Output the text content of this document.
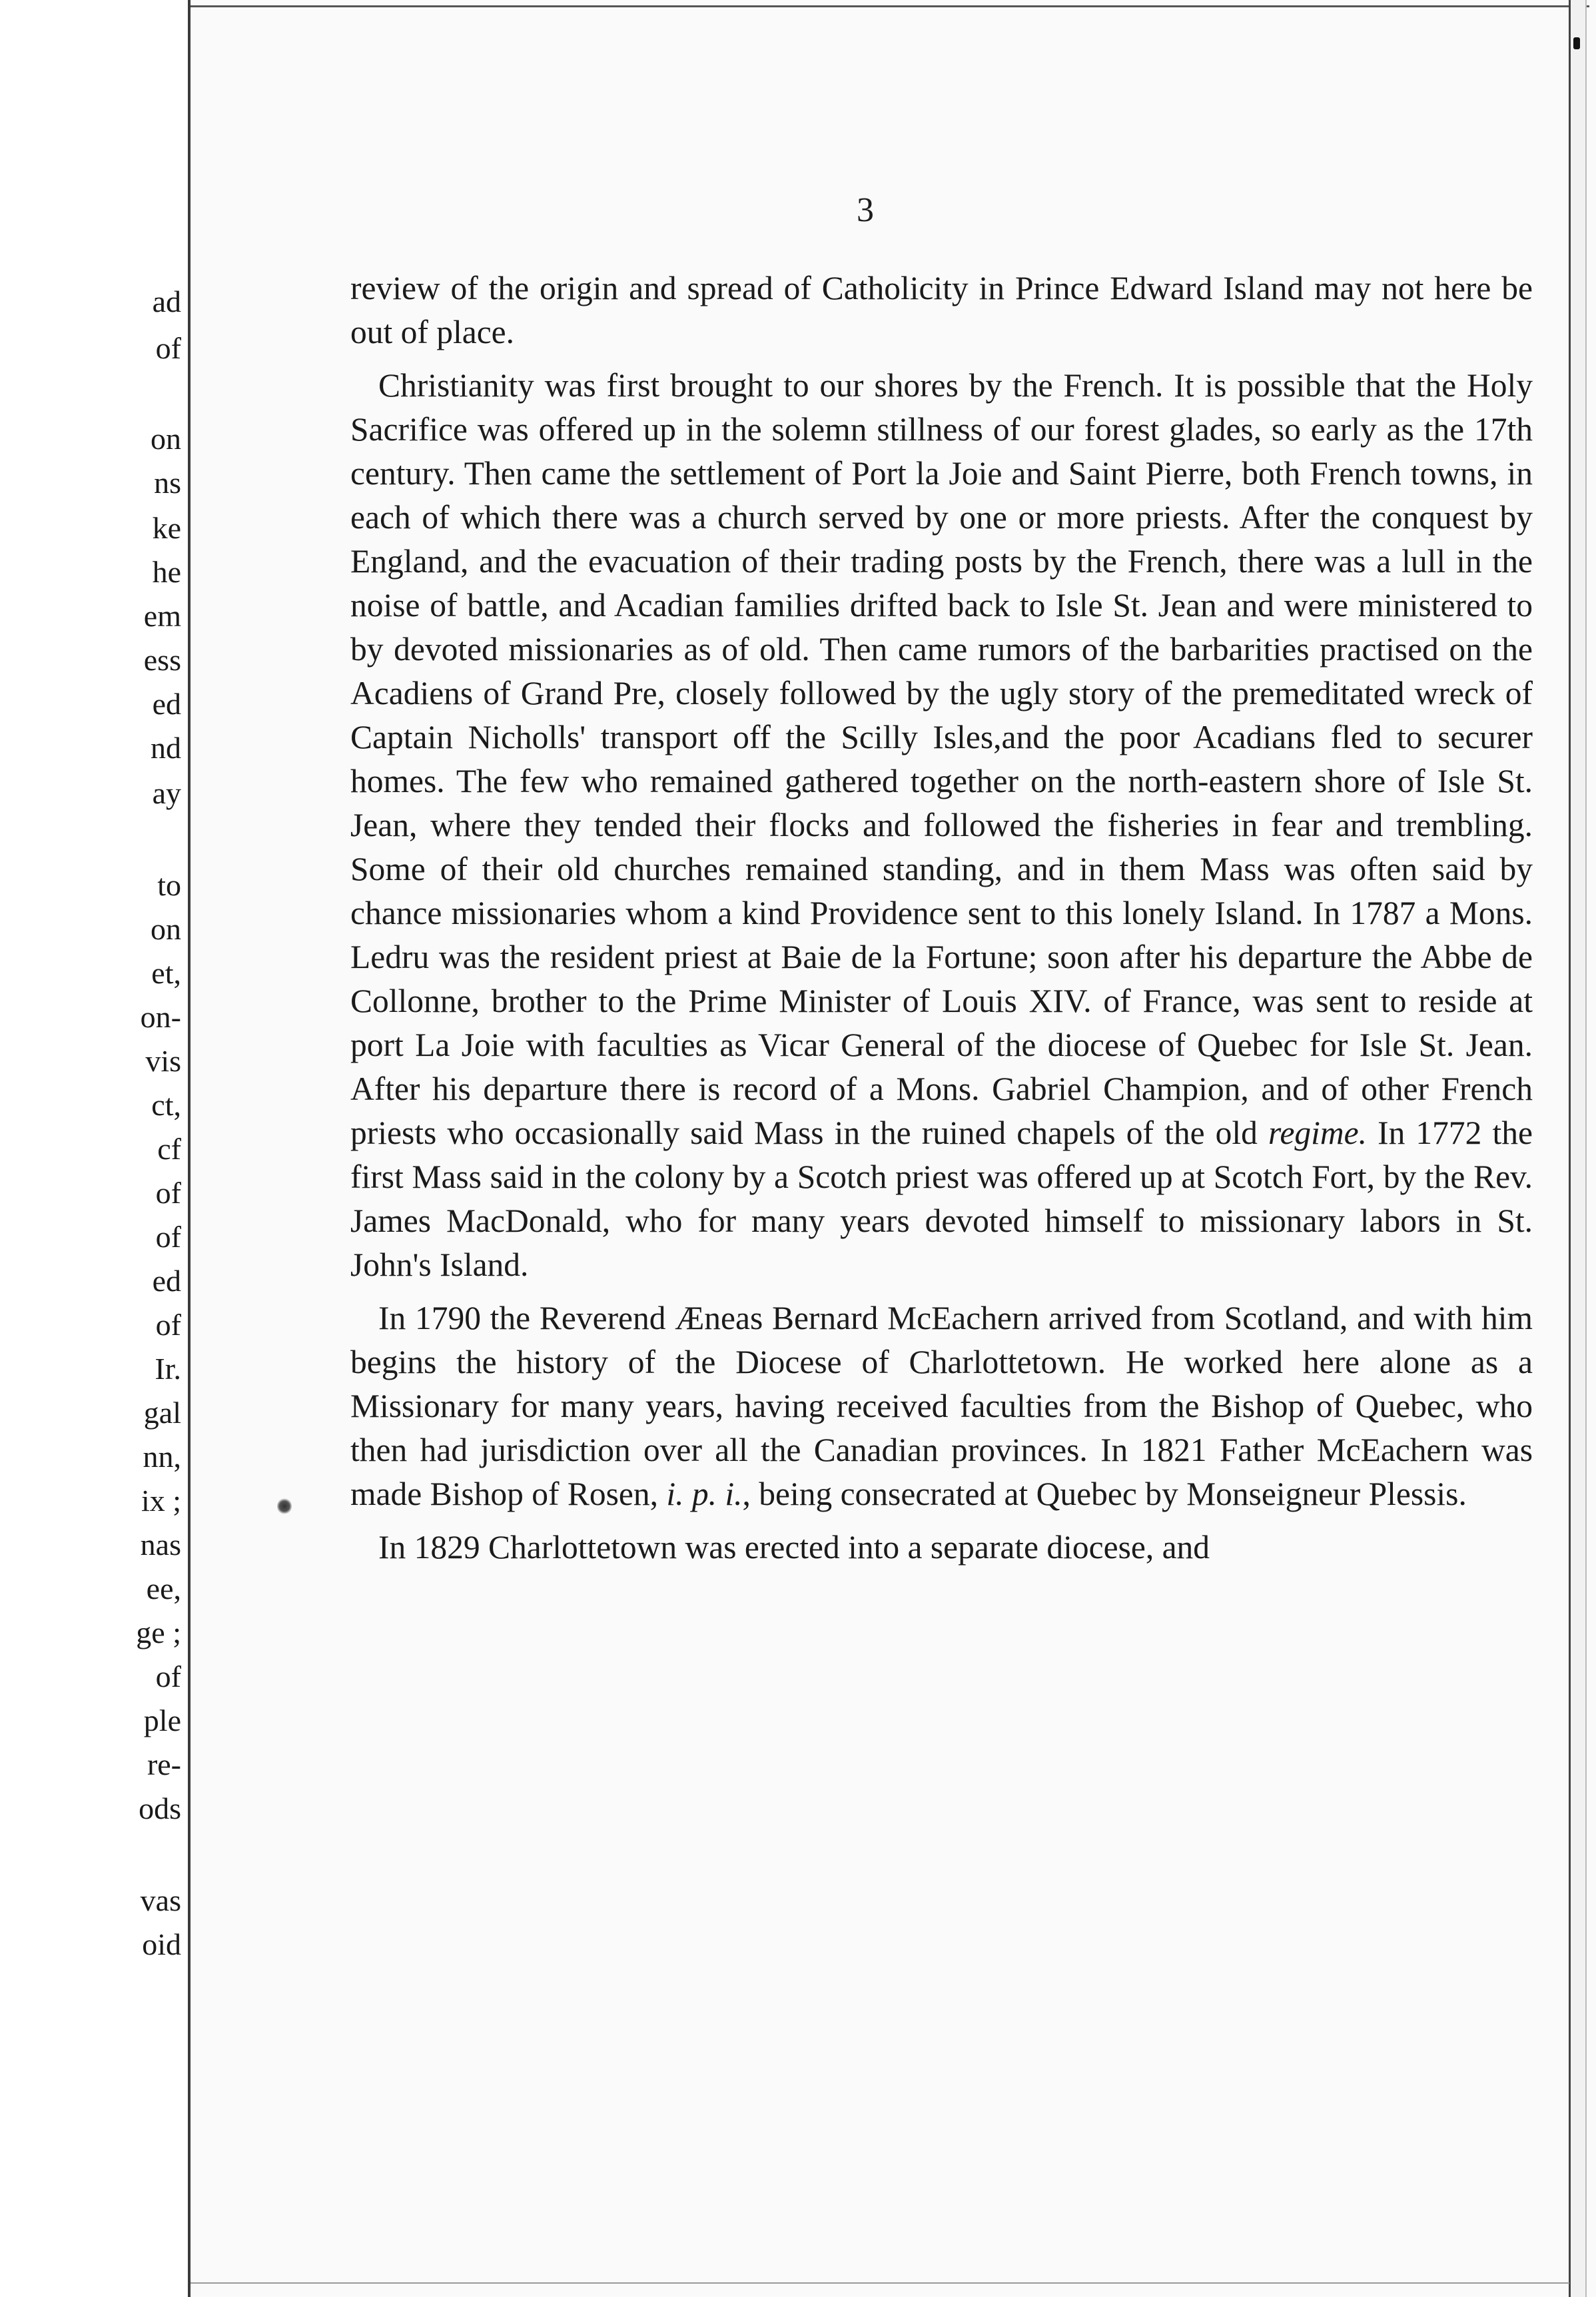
ad
of
on
ns
ke
he
em
ess
ed
nd
ay
to
on
et,
on-
vis
ct,
cf
of
of
ed
of
Ir.
gal
nn,
ix ;
nas
ee,
ge ;
of
ple
re-
ods
vas
oid
3

review of the origin and spread of Catholicity in Prince Edward Island may not here be out of place.

Christianity was first brought to our shores by the French. It is possible that the Holy Sacrifice was offered up in the solemn stillness of our forest glades, so early as the 17th century. Then came the settlement of Port la Joie and Saint Pierre, both French towns, in each of which there was a church served by one or more priests. After the conquest by England, and the evacuation of their trading posts by the French, there was a lull in the noise of battle, and Acadian families drifted back to Isle St. Jean and were ministered to by devoted missionaries as of old. Then came rumors of the barbarities practised on the Acadiens of Grand Pre, closely followed by the ugly story of the premeditated wreck of Captain Nicholls' transport off the Scilly Isles,and the poor Acadians fled to securer homes. The few who remained gathered together on the north-eastern shore of Isle St. Jean, where they tended their flocks and followed the fisheries in fear and trembling. Some of their old churches remained standing, and in them Mass was often said by chance missionaries whom a kind Providence sent to this lonely Island. In 1787 a Mons. Ledru was the resident priest at Baie de la Fortune; soon after his departure the Abbe de Collonne, brother to the Prime Minister of Louis XIV. of France, was sent to reside at port La Joie with faculties as Vicar General of the diocese of Quebec for Isle St. Jean. After his departure there is record of a Mons. Gabriel Champion, and of other French priests who occasionally said Mass in the ruined chapels of the old regime. In 1772 the first Mass said in the colony by a Scotch priest was offered up at Scotch Fort, by the Rev. James MacDonald, who for many years devoted himself to missionary labors in St. John's Island.

In 1790 the Reverend Æneas Bernard McEachern arrived from Scotland, and with him begins the history of the Diocese of Charlottetown. He worked here alone as a Missionary for many years, having received faculties from the Bishop of Quebec, who then had jurisdiction over all the Canadian provinces. In 1821 Father McEachern was made Bishop of Rosen, i. p. i., being consecrated at Quebec by Monseigneur Plessis.

In 1829 Charlottetown was erected into a separate diocese, and
